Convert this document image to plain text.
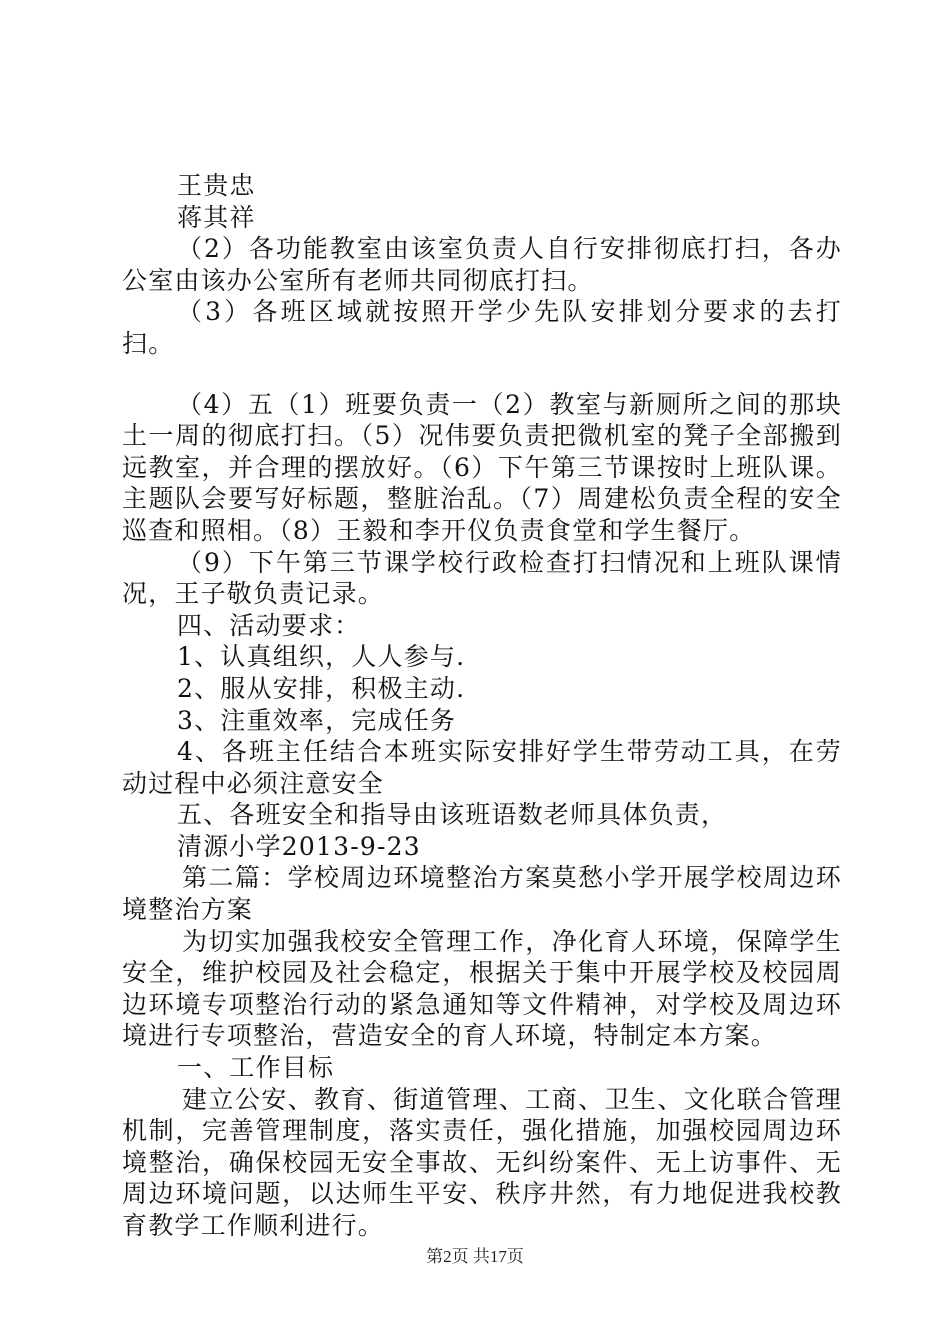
王贵忠

蒋其祥

（2）各功能教室由该室负责人自行安排彻底打扫，各办公室由该办公室所有老师共同彻底打扫。

（3）各班区域就按照开学少先队安排划分要求的去打扫。

（4）五（1）班要负责一（2）教室与新厕所之间的那块土一周的彻底打扫。（5）况伟要负责把微机室的凳子全部搬到远教室，并合理的摆放好。（6）下午第三节课按时上班队课。主题队会要写好标题，整脏治乱。（7）周建松负责全程的安全巡查和照相。（8）王毅和李开仪负责食堂和学生餐厅。

（9）下午第三节课学校行政检查打扫情况和上班队课情况，王子敬负责记录。

四、活动要求：

1、认真组织，人人参与.

2、服从安排，积极主动.

3、注重效率，完成任务

4、各班主任结合本班实际安排好学生带劳动工具，在劳动过程中必须注意安全

五、各班安全和指导由该班语数老师具体负责，

清源小学2013-9-23

第二篇：学校周边环境整治方案莫愁小学开展学校周边环境整治方案

为切实加强我校安全管理工作，净化育人环境，保障学生安全，维护校园及社会稳定，根据关于集中开展学校及校园周边环境专项整治行动的紧急通知等文件精神，对学校及周边环境进行专项整治，营造安全的育人环境，特制定本方案。

一、工作目标

建立公安、教育、街道管理、工商、卫生、文化联合管理机制，完善管理制度，落实责任，强化措施，加强校园周边环境整治，确保校园无安全事故、无纠纷案件、无上访事件、无周边环境问题，以达师生平安、秩序井然，有力地促进我校教育教学工作顺利进行。

第2页 共17页
